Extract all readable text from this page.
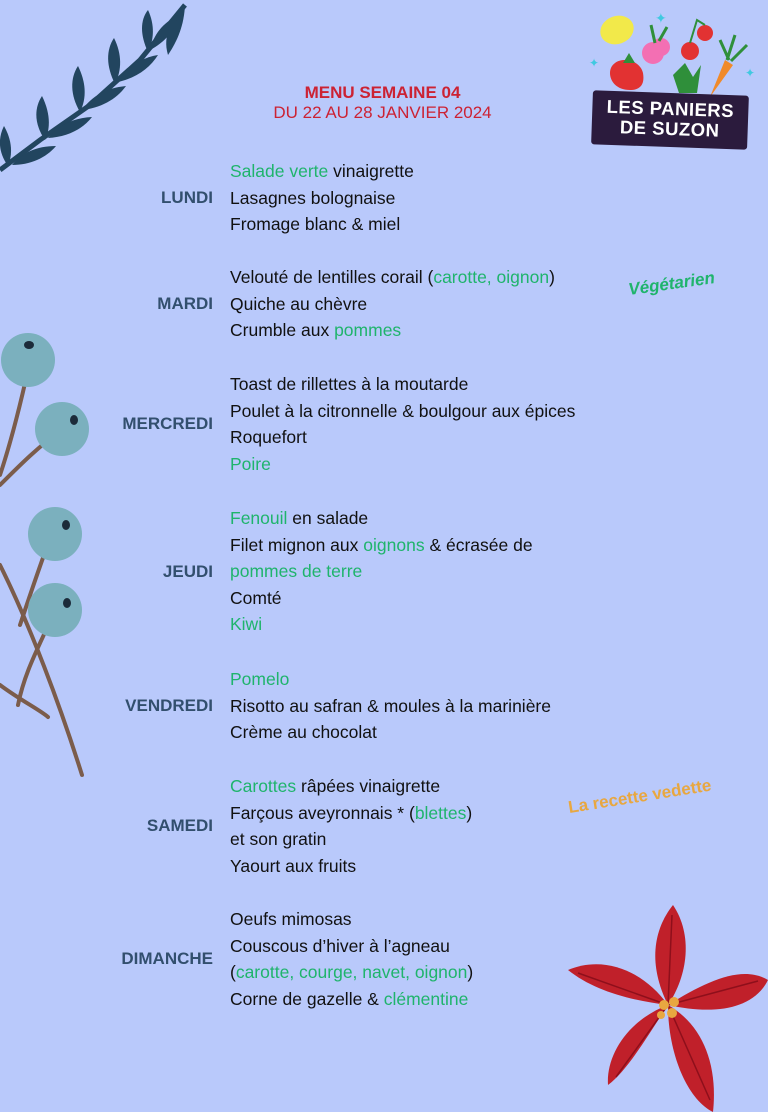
✦
✦
✦
LES PANIERS
DE SUZON
MENU SEMAINE 04
DU 22 AU 28 JANVIER 2024
Végétarien
La recette vedette
Salade verte vinaigrette
Lasagnes bolognaise
Fromage blanc & miel
LUNDI
Velouté de lentilles corail (carotte, oignon)
Quiche au chèvre
Crumble aux pommes
MARDI
Toast de rillettes à la moutarde
Poulet à la citronnelle & boulgour aux épices
Roquefort
Poire
MERCREDI
Fenouil en salade
Filet mignon aux oignons & écrasée de
pommes de terre
Comté
Kiwi
JEUDI
Pomelo
Risotto au safran & moules à la marinière
Crème au chocolat
VENDREDI
Carottes râpées vinaigrette
Farçous aveyronnais * (blettes)
et son gratin
Yaourt aux fruits
SAMEDI
Oeufs mimosas
Couscous d’hiver à l’agneau
(carotte, courge, navet, oignon)
Corne de gazelle & clémentine
DIMANCHE
